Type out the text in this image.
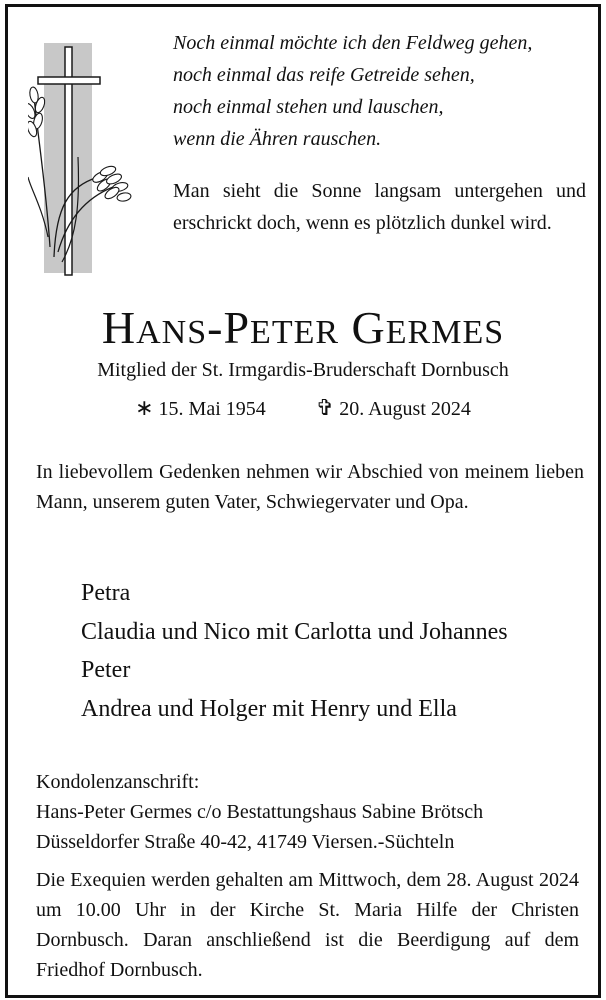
Noch einmal möchte ich den Feldweg gehen,
noch einmal das reife Getreide sehen,
noch einmal stehen und lauschen,
wenn die Ähren rauschen.
Man sieht die Sonne langsam untergehen und erschrickt doch, wenn es plötzlich dunkel wird.
HANS-PETER GERMES
Mitglied der St. Irmgardis-Bruderschaft Dornbusch
∗ 15. Mai 1954 ✞ 20. August 2024
In liebevollem Gedenken nehmen wir Abschied von meinem lieben Mann, unserem guten Vater, Schwiegervater und Opa.
Petra
Claudia und Nico mit Carlotta und Johannes
Peter
Andrea und Holger mit Henry und Ella
Kondolenzanschrift:
Hans-Peter Germes c/o Bestattungshaus Sabine Brötsch
Düsseldorfer Straße 40-42, 41749 Viersen.-Süchteln
Die Exequien werden gehalten am Mittwoch, dem 28. August 2024 um 10.00 Uhr in der Kirche St. Maria Hilfe der Christen Dornbusch. Daran anschließend ist die Beerdigung auf dem Friedhof Dornbusch.
